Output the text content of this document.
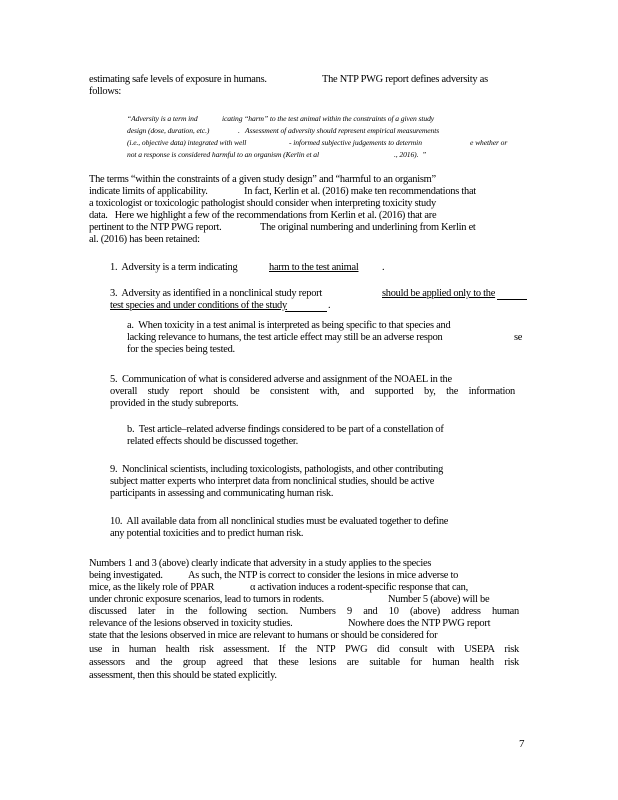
estimating safe levels of exposure in humans.	The NTP PWG report defines adversity as
follows:
“Adversity is a term ind	icating “harm” to the test animal within the constraints of a given study
design (dose, duration, etc.)	.   Assessment of adversity should represent empirical measurements
(i.e., objective data) integrated with well	- informed subjective judgements to determin	e whether or
not a response is considered harmful to an organism (Kerlin et al	., 2016).  ”
The terms “within the constraints of a given study design” and “harmful to an organism”
indicate limits of applicability.	In fact, Kerlin et al. (2016) make ten recommendations that
a toxicologist or toxicologic pathologist should consider when interpreting toxicity study
data.   Here we highlight a few of the recommendations from Kerlin et al. (2016) that are
pertinent to the NTP PWG report.	The original numbering and underlining from Kerlin et
al. (2016) has been retained:
1.  Adversity is a term indicating	harm to the test animal .
3.  Adversity as identified in a nonclinical study report	should be applied only to the
test species and under conditions of the study	.
a.  When toxicity in a test animal is interpreted as being specific to that species and
lacking relevance to humans, the test article effect may still be an adverse respon	se
for the species being tested.
5.  Communication of what is considered adverse and assignment of the NOAEL in the
overall study report should be consistent with, and supported by, the information
provided in the study subreports.
b.  Test article–related adverse findings considered to be part of a constellation of
related effects should be discussed together.
9.  Nonclinical scientists, including toxicologists, pathologists, and other contributing
subject matter experts who interpret data from nonclinical studies, should be active
participants in assessing and communicating human risk.
10.  All available data from all nonclinical studies must be evaluated together to define
any potential toxicities and to predict human risk.
Numbers 1 and 3 (above) clearly indicate that adversity in a study applies to the species
being investigated. As such, the NTP is correct to consider the lesions in mice adverse to
mice, as the likely role of PPAR	α activation induces a rodent-specific response that can,
under chronic exposure scenarios, lead to tumors in rodents.	Number 5 (above) will be
discussed later in the following section. Numbers 9 and 10 (above) address human
relevance of the lesions observed in toxicity studies.	Nowhere does the NTP PWG report
state that the lesions observed in mice are relevant to humans or should be considered for
use in human health risk assessment. If the NTP PWG did consult with USEPA risk
assessors and the group agreed that these lesions are suitable for human health risk
assessment, then this should be stated explicitly.
7
